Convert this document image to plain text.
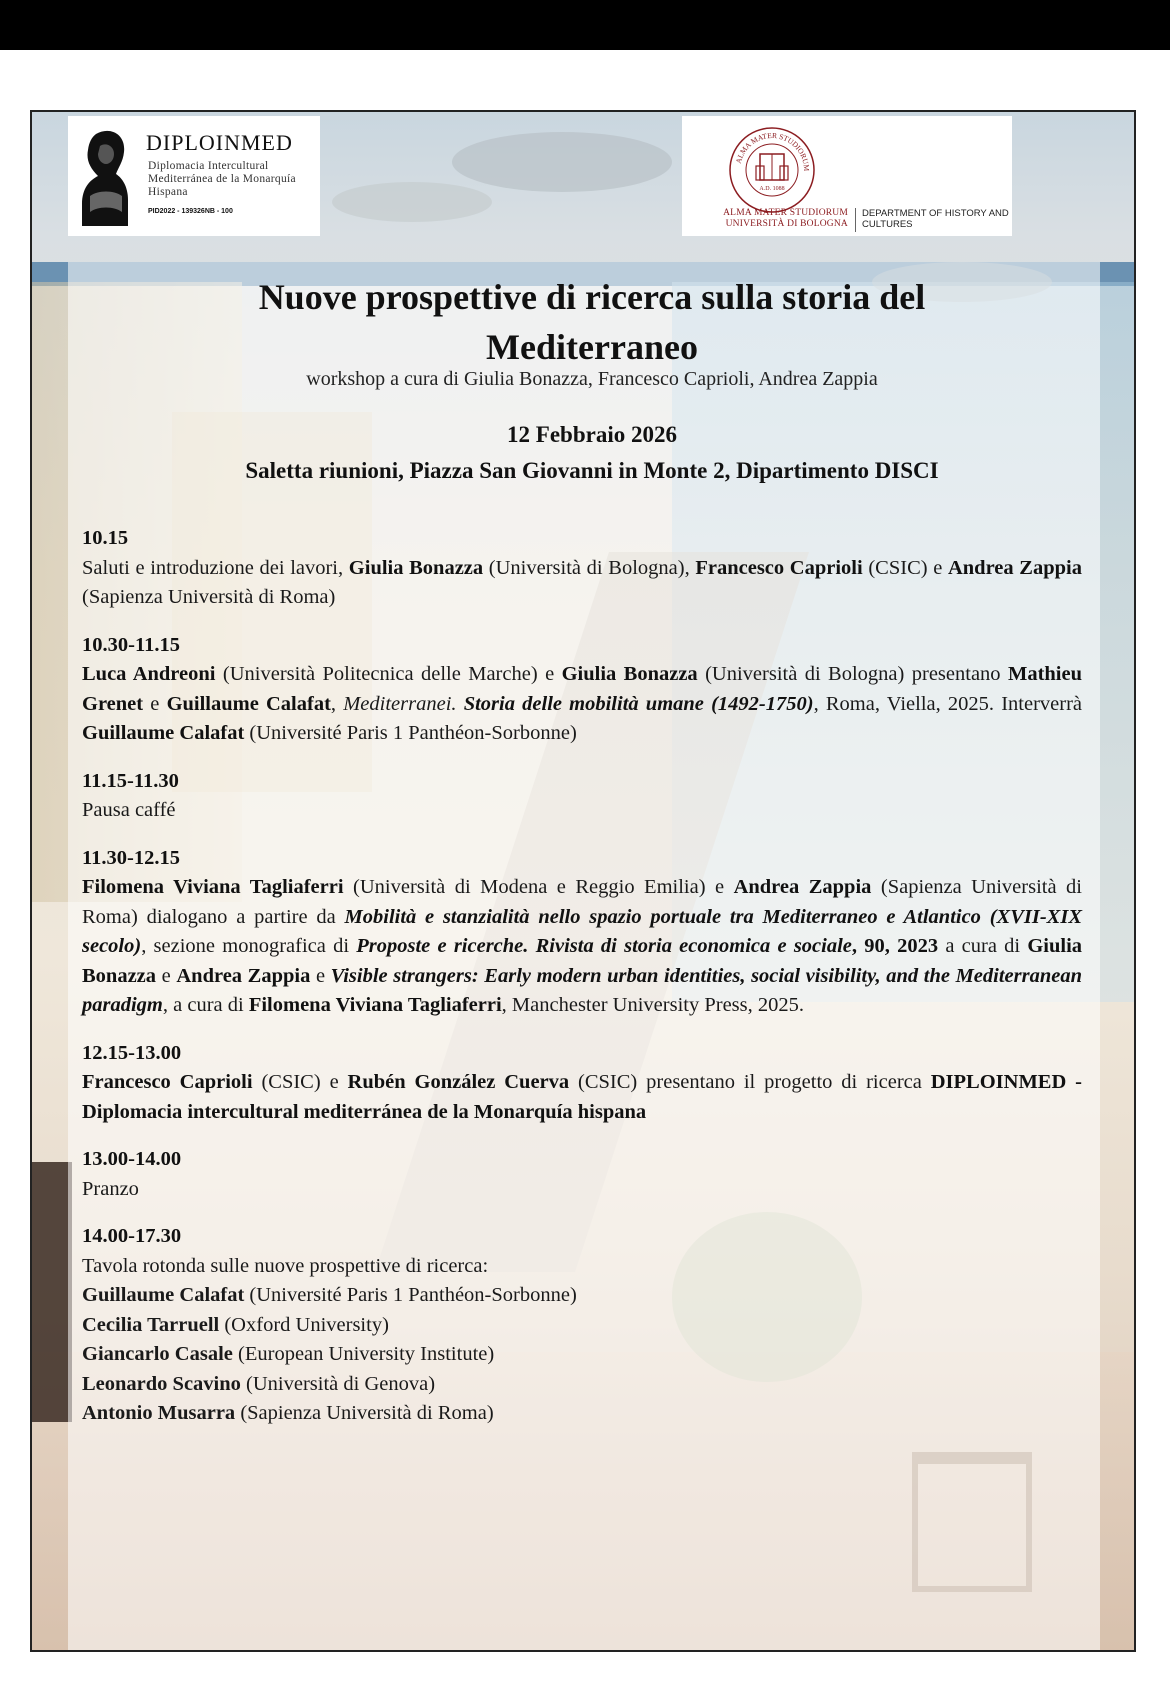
DIPLOINMED
Diplomacia Intercultural Mediterránea de la Monarquía Hispana
PID2022 - 139326NB - 100
ALMA MATER STUDIORUM
A.D. 1088
ALMA MATER STUDIORUM UNIVERSITÀ DI BOLOGNA
DEPARTMENT OF HISTORY AND CULTURES
Nuove prospettive di ricerca sulla storia del
Mediterraneo
workshop a cura di Giulia Bonazza, Francesco Caprioli, Andrea Zappia
12 Febbraio 2026
Saletta riunioni, Piazza San Giovanni in Monte 2, Dipartimento DISCI
10.15
Saluti e introduzione dei lavori, Giulia Bonazza (Università di Bologna), Francesco Caprioli (CSIC) e Andrea Zappia (Sapienza Università di Roma)
10.30-11.15
Luca Andreoni (Università Politecnica delle Marche) e Giulia Bonazza (Università di Bologna) presentano Mathieu Grenet e Guillaume Calafat, Mediterranei. Storia delle mobilità umane (1492-1750), Roma, Viella, 2025. Interverrà Guillaume Calafat (Université Paris 1 Panthéon-Sorbonne)
11.15-11.30
Pausa caffé
11.30-12.15
Filomena Viviana Tagliaferri (Università di Modena e Reggio Emilia) e Andrea Zappia (Sapienza Università di Roma) dialogano a partire da Mobilità e stanzialità nello spazio portuale tra Mediterraneo e Atlantico (XVII-XIX secolo), sezione monografica di Proposte e ricerche. Rivista di storia economica e sociale, 90, 2023 a cura di Giulia Bonazza e Andrea Zappia e Visible strangers: Early modern urban identities, social visibility, and the Mediterranean paradigm, a cura di Filomena Viviana Tagliaferri, Manchester University Press, 2025.
12.15-13.00
Francesco Caprioli (CSIC) e Rubén González Cuerva (CSIC) presentano il progetto di ricerca DIPLOINMED - Diplomacia intercultural mediterránea de la Monarquía hispana
13.00-14.00
Pranzo
14.00-17.30
Tavola rotonda sulle nuove prospettive di ricerca:
Guillaume Calafat (Université Paris 1 Panthéon-Sorbonne)
Cecilia Tarruell (Oxford University)
Giancarlo Casale (European University Institute)
Leonardo Scavino (Università di Genova)
Antonio Musarra (Sapienza Università di Roma)
